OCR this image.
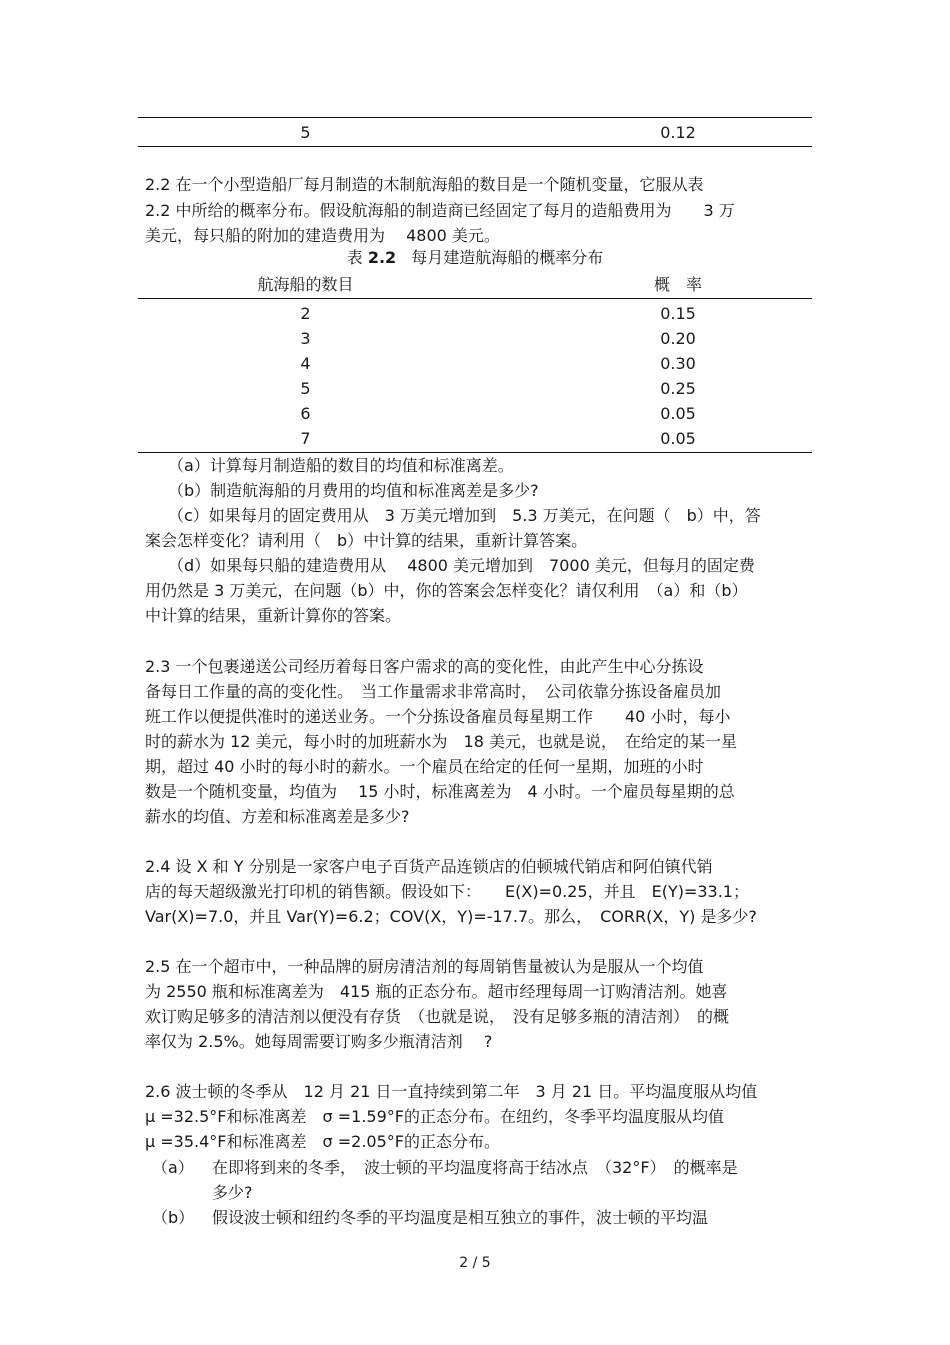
5	0.12
2.2 在一个小型造船厂每月制造的木制航海船的数目是一个随机变量，它服从表
2.2 中所给的概率分布。假设航海船的制造商已经固定了每月的造船费用为　　3 万
美元，每只船的附加的建造费用为　 4800 美元。
表 2.2 每月建造航海船的概率分布
航海船的数目	概　率
2	0.15
3	0.20
4	0.30
5	0.25
6	0.05
7	0.05
（a）计算每月制造船的数目的均值和标准离差。
（b）制造航海船的月费用的均值和标准离差是多少?
（c）如果每月的固定费用从　3 万美元增加到　5.3 万美元，在问题（　b）中，答
案会怎样变化？请利用（　b）中计算的结果，重新计算答案。
（d）如果每只船的建造费用从　 4800 美元增加到　7000 美元，但每月的固定费
用仍然是 3 万美元，在问题（b）中，你的答案会怎样变化？请仅利用　（a）和（b）
中计算的结果，重新计算你的答案。
2.3 一个包裹递送公司经历着每日客户需求的高的变化性，由此产生中心分拣设
备每日工作量的高的变化性。　当工作量需求非常高时，　公司依靠分拣设备雇员加
班工作以便提供准时的递送业务。一个分拣设备雇员每星期工作　　40 小时，每小
时的薪水为 12 美元，每小时的加班薪水为　18 美元，也就是说，　在给定的某一星
期，超过 40 小时的每小时的薪水。一个雇员在给定的任何一星期，加班的小时
数是一个随机变量，均值为　 15 小时，标准离差为　4 小时。一个雇员每星期的总
薪水的均值、方差和标准离差是多少?
2.4 设 X 和 Y 分别是一家客户电子百货产品连锁店的伯顿城代销店和阿伯镇代销
店的每天超级激光打印机的销售额。假设如下：　　E(X)=0.25，并且　E(Y)=33.1；
Var(X)=7.0，并且 Var(Y)=6.2；COV(X，Y)=-17.7。那么，　CORR(X，Y) 是多少?
2.5 在一个超市中，一种品牌的厨房清洁剂的每周销售量被认为是服从一个均值
为 2550 瓶和标准离差为　415 瓶的正态分布。超市经理每周一订购清洁剂。她喜
欢订购足够多的清洁剂以便没有存货　（也就是说，　没有足够多瓶的清洁剂）　的概
率仅为 2.5%。她每周需要订购多少瓶清洁剂　 ?
2.6 波士顿的冬季从　12 月 21 日一直持续到第二年　3 月 21 日。平均温度服从均值
μ =32.5°F和标准离差　σ =1.59°F的正态分布。在纽约，冬季平均温度服从均值
μ =35.4°F和标准离差　σ =2.05°F的正态分布。
（a） 在即将到来的冬季，　波士顿的平均温度将高于结冰点　（32°F）　的概率是
多少?
（b） 假设波士顿和纽约冬季的平均温度是相互独立的事件，波士顿的平均温
2 / 5
